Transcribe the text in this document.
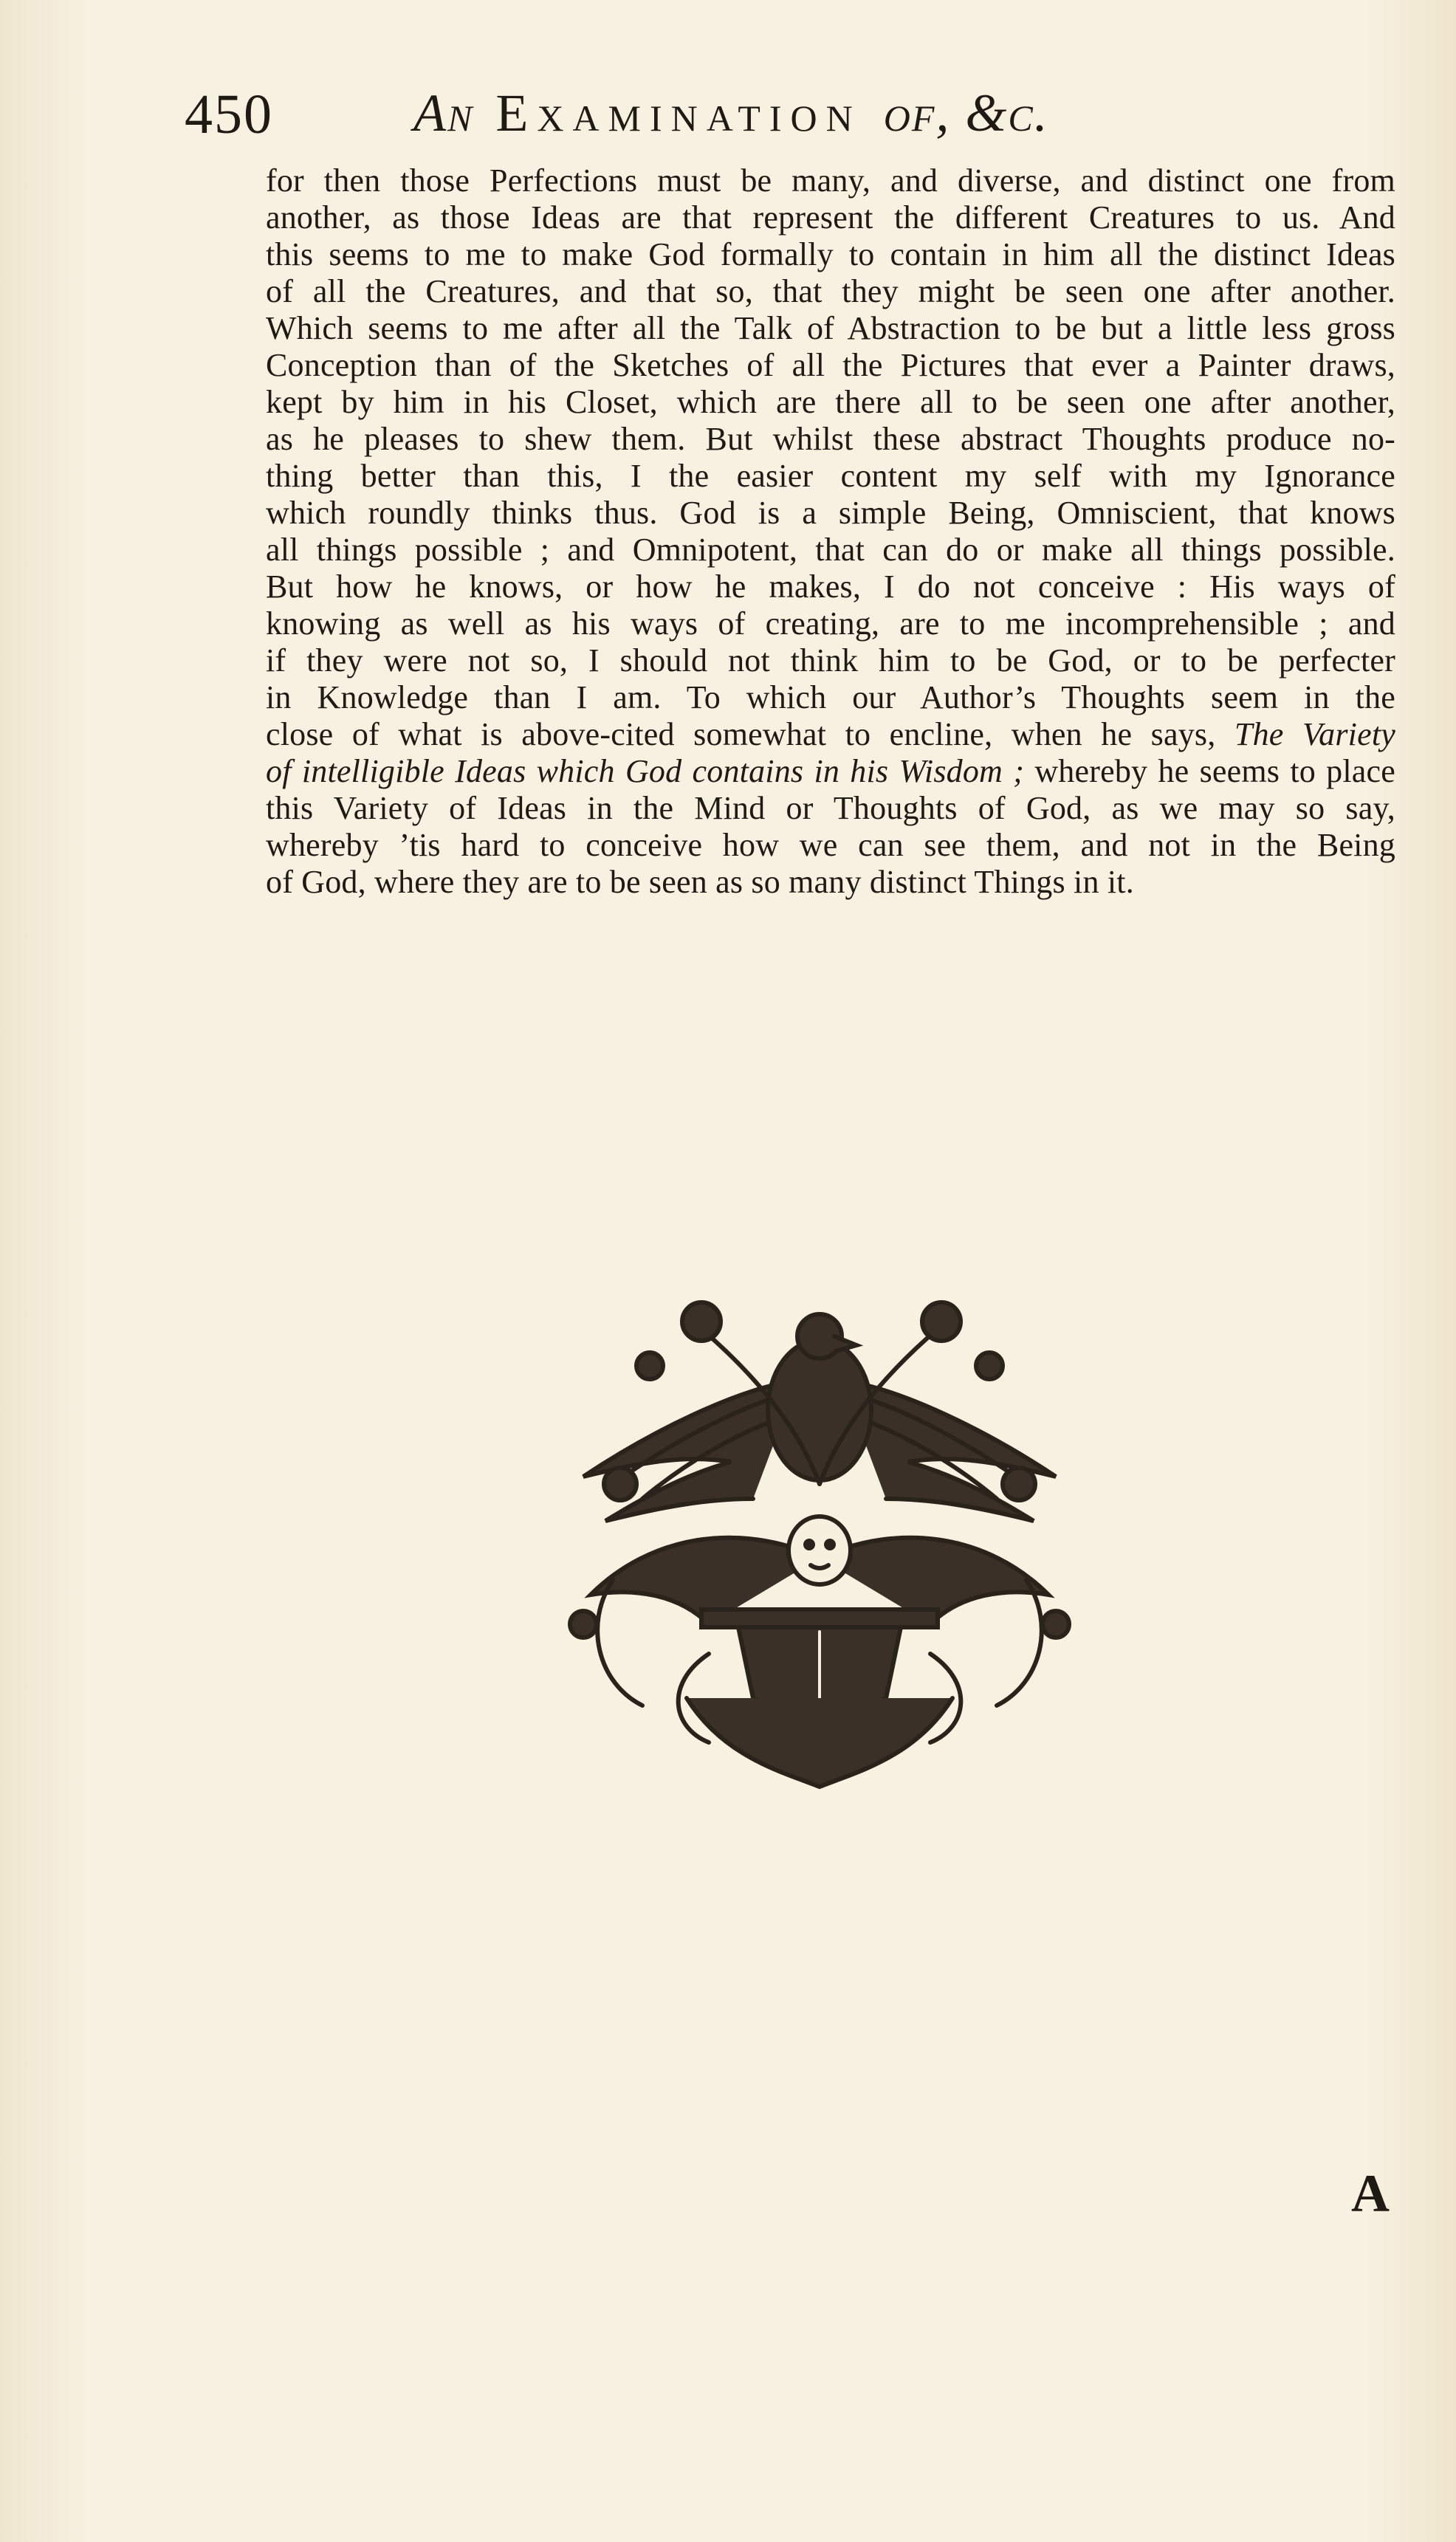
450	An Examination of, &c.
for then those Perfections must be many, and diverse, and distinct one from
another, as those Ideas are that represent the different Creatures to us. And
this seems to me to make God formally to contain in him all the distinct Ideas
of all the Creatures, and that so, that they might be seen one after another.
Which seems to me after all the Talk of Abstraction to be but a little less gross
Conception than of the Sketches of all the Pictures that ever a Painter draws,
kept by him in his Closet, which are there all to be seen one after another,
as he pleases to shew them. But whilst these abstract Thoughts produce no-
thing better than this, I the easier content my self with my Ignorance
which roundly thinks thus. God is a simple Being, Omniscient, that knows
all things possible ; and Omnipotent, that can do or make all things possible.
But how he knows, or how he makes, I do not conceive : His ways of
knowing as well as his ways of creating, are to me incomprehensible ; and
if they were not so, I should not think him to be God, or to be perfecter
in Knowledge than I am. To which our Author’s Thoughts seem in the
close of what is above-cited somewhat to encline, when he says, The Variety
of intelligible Ideas which God contains in his Wisdom ; whereby he seems to place
this Variety of Ideas in the Mind or Thoughts of God, as we may so say,
whereby ’tis hard to conceive how we can see them, and not in the Being
of God, where they are to be seen as so many distinct Things in it.
A
